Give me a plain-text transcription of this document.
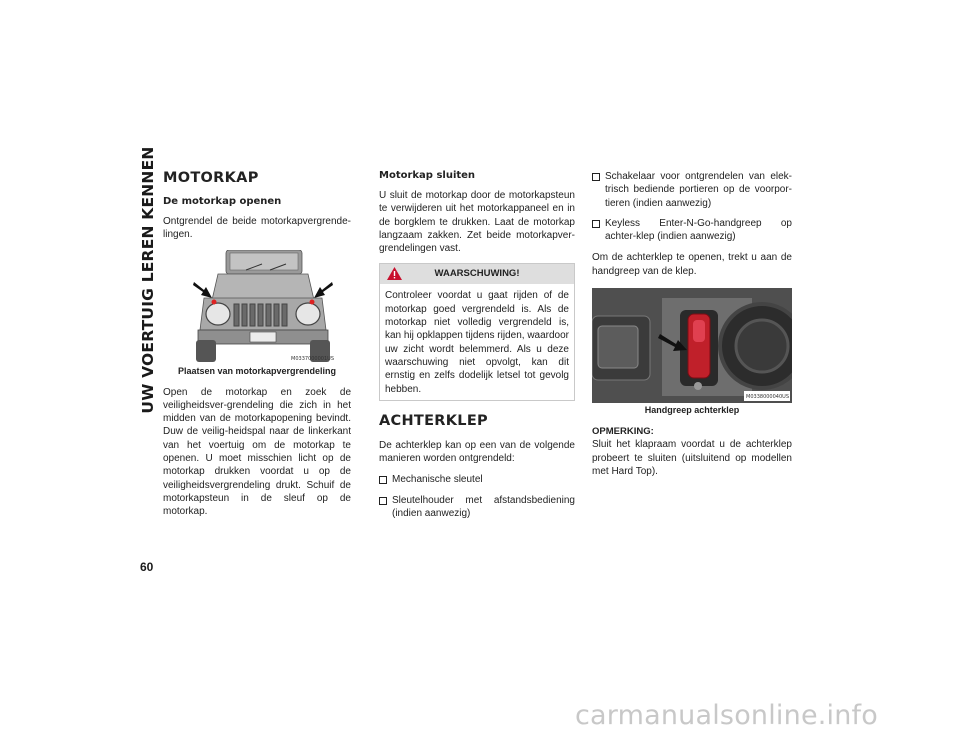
UW VOERTUIG LEREN KENNEN
60
MOTORKAP
De motorkap openen

Ontgrendel de beide motorkapvergrende-lingen.

M0337000001US
Plaatsen van motorkapvergrendeling

Open de motorkap en zoek de veiligheidsver-grendeling die zich in het midden van de motorkapopening bevindt. Duw de veilig-heidspal naar de linkerkant van het voertuig om de motorkap te openen. U moet misschien licht op de motorkap drukken voordat u op de veiligheidsvergrendeling drukt. Schuif de motorkapsteun in de sleuf op de motorkap.

Motorkap sluiten

U sluit de motorkap door de motorkapsteun te verwijderen uit het motorkappaneel en in de borgklem te drukken. Laat de motorkap langzaam zakken. Zet beide motorkapver-grendelingen vast.

WAARSCHUWING!
Controleer voordat u gaat rijden of de motorkap goed vergrendeld is. Als de motorkap niet volledig vergrendeld is, kan hij opklappen tijdens rijden, waardoor uw zicht wordt belemmerd. Als u deze waarschuwing niet opvolgt, kan dit ernstig en zelfs dodelijk letsel tot gevolg hebben.
ACHTERKLEP

De achterklep kan op een van de volgende manieren worden ontgrendeld:

Mechanische sleutel
Sleutelhouder met afstandsbediening (indien aanwezig)
Schakelaar voor ontgrendelen van elek-trisch bediende portieren op de voorpor-tieren (indien aanwezig)
Keyless Enter-N-Go-handgreep op achter-klep (indien aanwezig)

Om de achterklep te openen, trekt u aan de handgreep van de klep.

M0338000040US
Handgreep achterklep

OPMERKING:

Sluit het klapraam voordat u de achterklep probeert te sluiten (uitsluitend op modellen met Hard Top).

carmanualsonline.info
